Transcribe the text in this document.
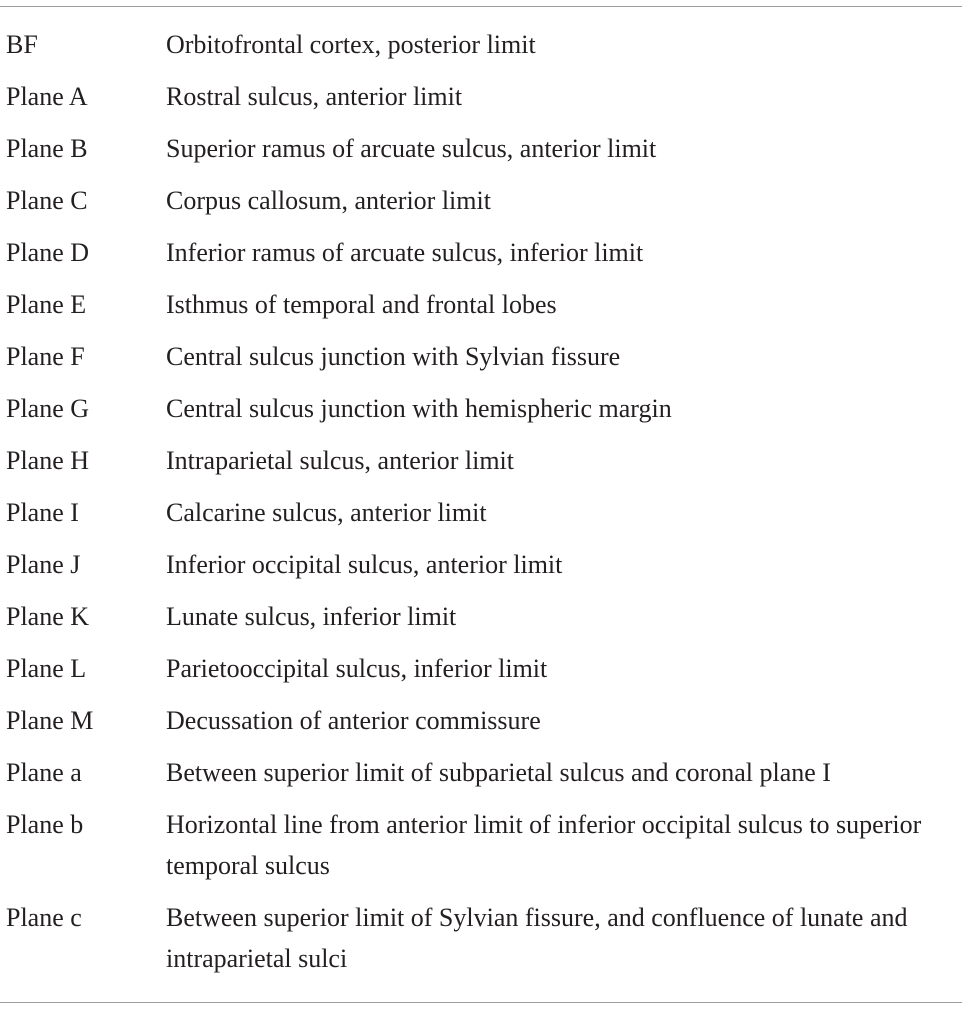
BF	Orbitofrontal cortex, posterior limit
Plane A	Rostral sulcus, anterior limit
Plane B	Superior ramus of arcuate sulcus, anterior limit
Plane C	Corpus callosum, anterior limit
Plane D	Inferior ramus of arcuate sulcus, inferior limit
Plane E	Isthmus of temporal and frontal lobes
Plane F	Central sulcus junction with Sylvian fissure
Plane G	Central sulcus junction with hemispheric margin
Plane H	Intraparietal sulcus, anterior limit
Plane I	Calcarine sulcus, anterior limit
Plane J	Inferior occipital sulcus, anterior limit
Plane K	Lunate sulcus, inferior limit
Plane L	Parietooccipital sulcus, inferior limit
Plane M	Decussation of anterior commissure
Plane a	Between superior limit of subparietal sulcus and coronal plane I
Plane b	Horizontal line from anterior limit of inferior occipital sulcus to superior temporal sulcus
Plane c	Between superior limit of Sylvian fissure, and confluence of lunate and intraparietal sulci
